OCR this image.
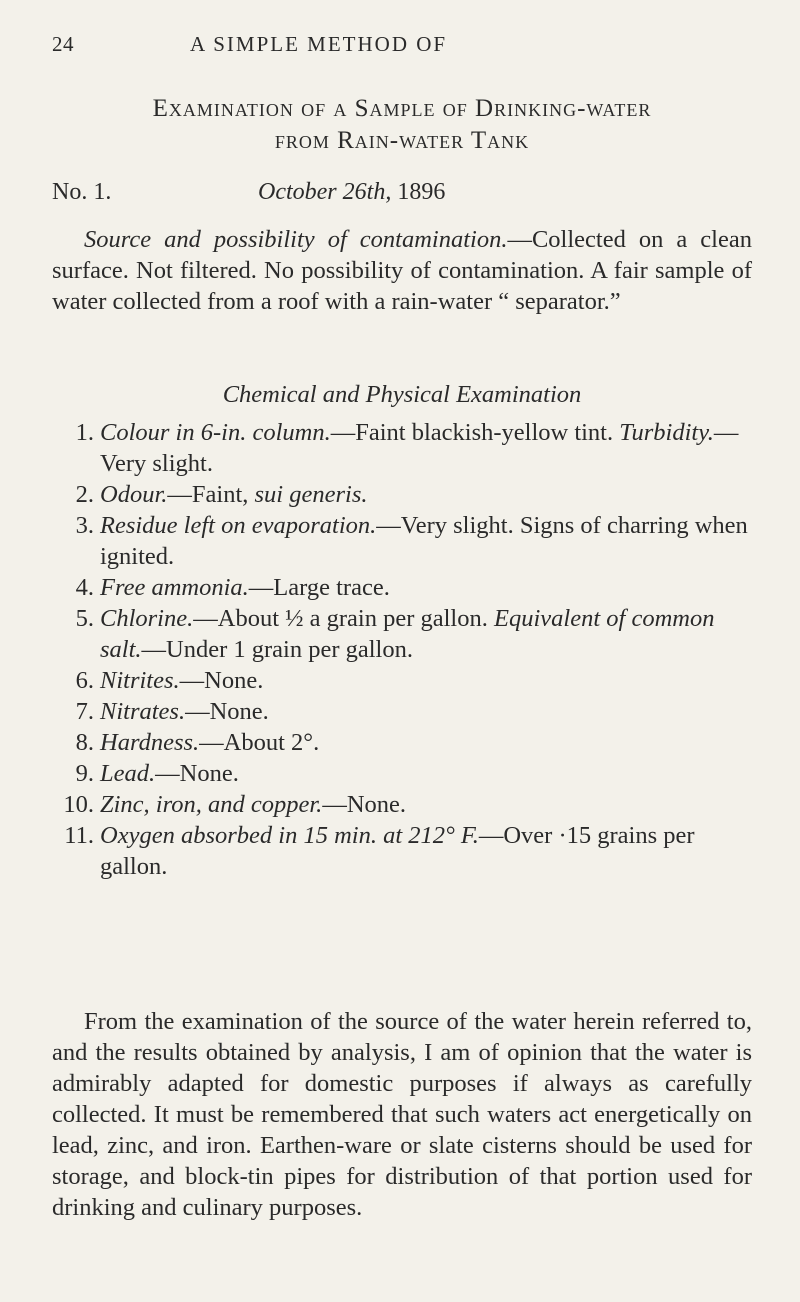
24	A SIMPLE METHOD OF
Examination of a Sample of Drinking-water
from Rain-water Tank
No. 1.	October 26th, 1896

Source and possibility of contamination.—Collected on a clean surface. Not filtered. No possibility of contamination. A fair sample of water collected from a roof with a rain-water “ separator.”

Chemical and Physical Examination
1. Colour in 6-in. column.—Faint blackish-yellow tint. Turbidity.—Very slight.
2. Odour.—Faint, sui generis.
3. Residue left on evaporation.—Very slight. Signs of charring when ignited.
4. Free ammonia.—Large trace.
5. Chlorine.—About ½ a grain per gallon. Equivalent of common salt.—Under 1 grain per gallon.
6. Nitrites.—None.
7. Nitrates.—None.
8. Hardness.—About 2°.
9. Lead.—None.
10. Zinc, iron, and copper.—None.
11. Oxygen absorbed in 15 min. at 212° F.—Over ·15 grains per gallon.

From the examination of the source of the water herein referred to, and the results obtained by analysis, I am of opinion that the water is admirably adapted for domestic purposes if always as carefully collected. It must be remembered that such waters act energetically on lead, zinc, and iron. Earthen-ware or slate cisterns should be used for storage, and block-tin pipes for distribution of that portion used for drinking and culinary purposes.
